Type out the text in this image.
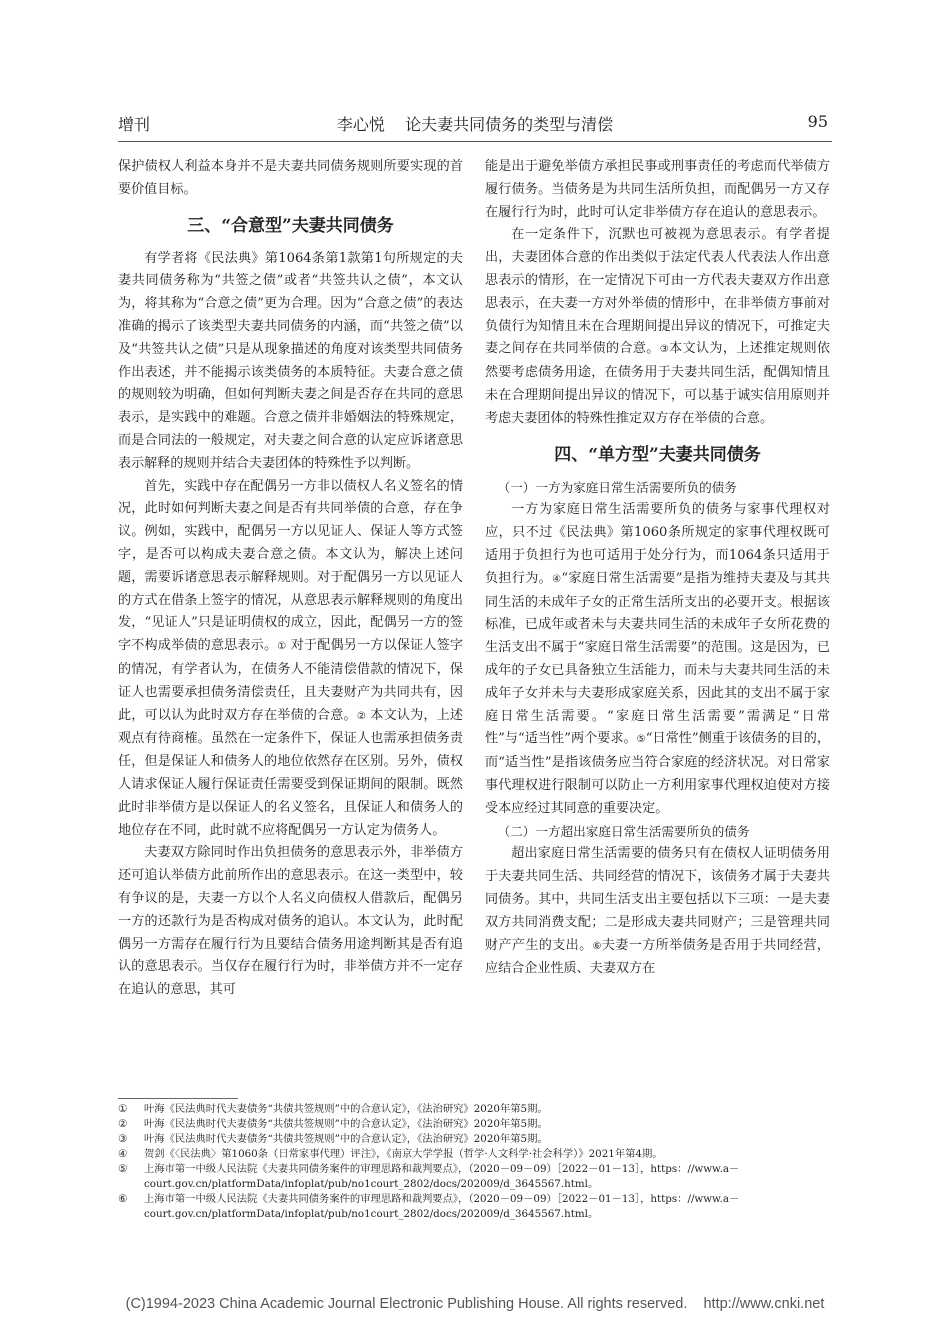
增刊	李心悦    论夫妻共同债务的类型与清偿	95

保护债权人利益本身并不是夫妻共同债务规则所要实现的首要价值目标。

三、“合意型”夫妻共同债务

有学者将《民法典》第1064条第1款第1句所规定的夫妻共同债务称为“共签之债”或者“共签共认之债”，本文认为，将其称为“合意之债”更为合理。因为“合意之债”的表达准确的揭示了该类型夫妻共同债务的内涵，而“共签之债”以及“共签共认之债”只是从现象描述的角度对该类型共同债务作出表述，并不能揭示该类债务的本质特征。夫妻合意之债的规则较为明确，但如何判断夫妻之间是否存在共同的意思表示，是实践中的难题。合意之债并非婚姻法的特殊规定，而是合同法的一般规定，对夫妻之间合意的认定应诉诸意思表示解释的规则并结合夫妻团体的特殊性予以判断。

首先，实践中存在配偶另一方非以债权人名义签名的情况，此时如何判断夫妻之间是否有共同举债的合意，存在争议。例如，实践中，配偶另一方以见证人、保证人等方式签字，是否可以构成夫妻合意之债。本文认为，解决上述问题，需要诉诸意思表示解释规则。对于配偶另一方以见证人的方式在借条上签字的情况，从意思表示解释规则的角度出发，“见证人”只是证明债权的成立，因此，配偶另一方的签字不构成举债的意思表示。① 对于配偶另一方以保证人签字的情况，有学者认为，在债务人不能清偿借款的情况下，保证人也需要承担债务清偿责任，且夫妻财产为共同共有，因此，可以认为此时双方存在举债的合意。② 本文认为，上述观点有待商榷。虽然在一定条件下，保证人也需承担债务责任，但是保证人和债务人的地位依然存在区别。另外，债权人请求保证人履行保证责任需要受到保证期间的限制。既然此时非举债方是以保证人的名义签名，且保证人和债务人的地位存在不同，此时就不应将配偶另一方认定为债务人。

夫妻双方除同时作出负担债务的意思表示外，非举债方还可追认举债方此前所作出的意思表示。在这一类型中，较有争议的是，夫妻一方以个人名义向债权人借款后，配偶另一方的还款行为是否构成对债务的追认。本文认为，此时配偶另一方需存在履行行为且要结合债务用途判断其是否有追认的意思表示。当仅存在履行行为时，非举债方并不一定存在追认的意思，其可

能是出于避免举债方承担民事或刑事责任的考虑而代举债方履行债务。当债务是为共同生活所负担，而配偶另一方又存在履行行为时，此时可认定非举债方存在追认的意思表示。

在一定条件下，沉默也可被视为意思表示。有学者提出，夫妻团体合意的作出类似于法定代表人代表法人作出意思表示的情形，在一定情况下可由一方代表夫妻双方作出意思表示，在夫妻一方对外举债的情形中，在非举债方事前对负债行为知情且未在合理期间提出异议的情况下，可推定夫妻之间存在共同举债的合意。③本文认为，上述推定规则依然要考虑债务用途，在债务用于夫妻共同生活，配偶知情且未在合理期间提出异议的情况下，可以基于诚实信用原则并考虑夫妻团体的特殊性推定双方存在举债的合意。

四、“单方型”夫妻共同债务

（一）一方为家庭日常生活需要所负的债务

一方为家庭日常生活需要所负的债务与家事代理权对应，只不过《民法典》第1060条所规定的家事代理权既可适用于负担行为也可适用于处分行为，而1064条只适用于负担行为。④“家庭日常生活需要”是指为维持夫妻及与其共同生活的未成年子女的正常生活所支出的必要开支。根据该标准，已成年或者未与夫妻共同生活的未成年子女所花费的生活支出不属于“家庭日常生活需要”的范围。这是因为，已成年的子女已具备独立生活能力，而未与夫妻共同生活的未成年子女并未与夫妻形成家庭关系，因此其的支出不属于家庭日常生活需要。“家庭日常生活需要”需满足“日常性”与“适当性”两个要求。⑤“日常性”侧重于该债务的目的，而“适当性”是指该债务应当符合家庭的经济状况。对日常家事代理权进行限制可以防止一方利用家事代理权迫使对方接受本应经过其同意的重要决定。

（二）一方超出家庭日常生活需要所负的债务

超出家庭日常生活需要的债务只有在债权人证明债务用于夫妻共同生活、共同经营的情况下，该债务才属于夫妻共同债务。其中，共同生活支出主要包括以下三项：一是夫妻双方共同消费支配；二是形成夫妻共同财产；三是管理共同财产产生的支出。⑥夫妻一方所举债务是否用于共同经营，应结合企业性质、夫妻双方在

①	叶海《民法典时代夫妻债务“共债共签规则”中的合意认定》，《法治研究》2020年第5期。
②	叶海《民法典时代夫妻债务“共债共签规则”中的合意认定》，《法治研究》2020年第5期。
③	叶海《民法典时代夫妻债务“共债共签规则”中的合意认定》，《法治研究》2020年第5期。
④	贺剑《〈民法典〉第1060条（日常家事代理）评注》，《南京大学学报（哲学·人文科学·社会科学）》2021年第4期。
⑤	上海市第一中级人民法院《夫妻共同债务案件的审理思路和裁判要点》，（2020－09－09）［2022－01－13］，https：//www.a－court.gov.cn/platformData/infoplat/pub/no1court_2802/docs/202009/d_3645567.html。
⑥	上海市第一中级人民法院《夫妻共同债务案件的审理思路和裁判要点》，（2020－09－09）［2022－01－13］，https：//www.a－court.gov.cn/platformData/infoplat/pub/no1court_2802/docs/202009/d_3645567.html。
(C)1994-2023 China Academic Journal Electronic Publishing House. All rights reserved.    http://www.cnki.net
